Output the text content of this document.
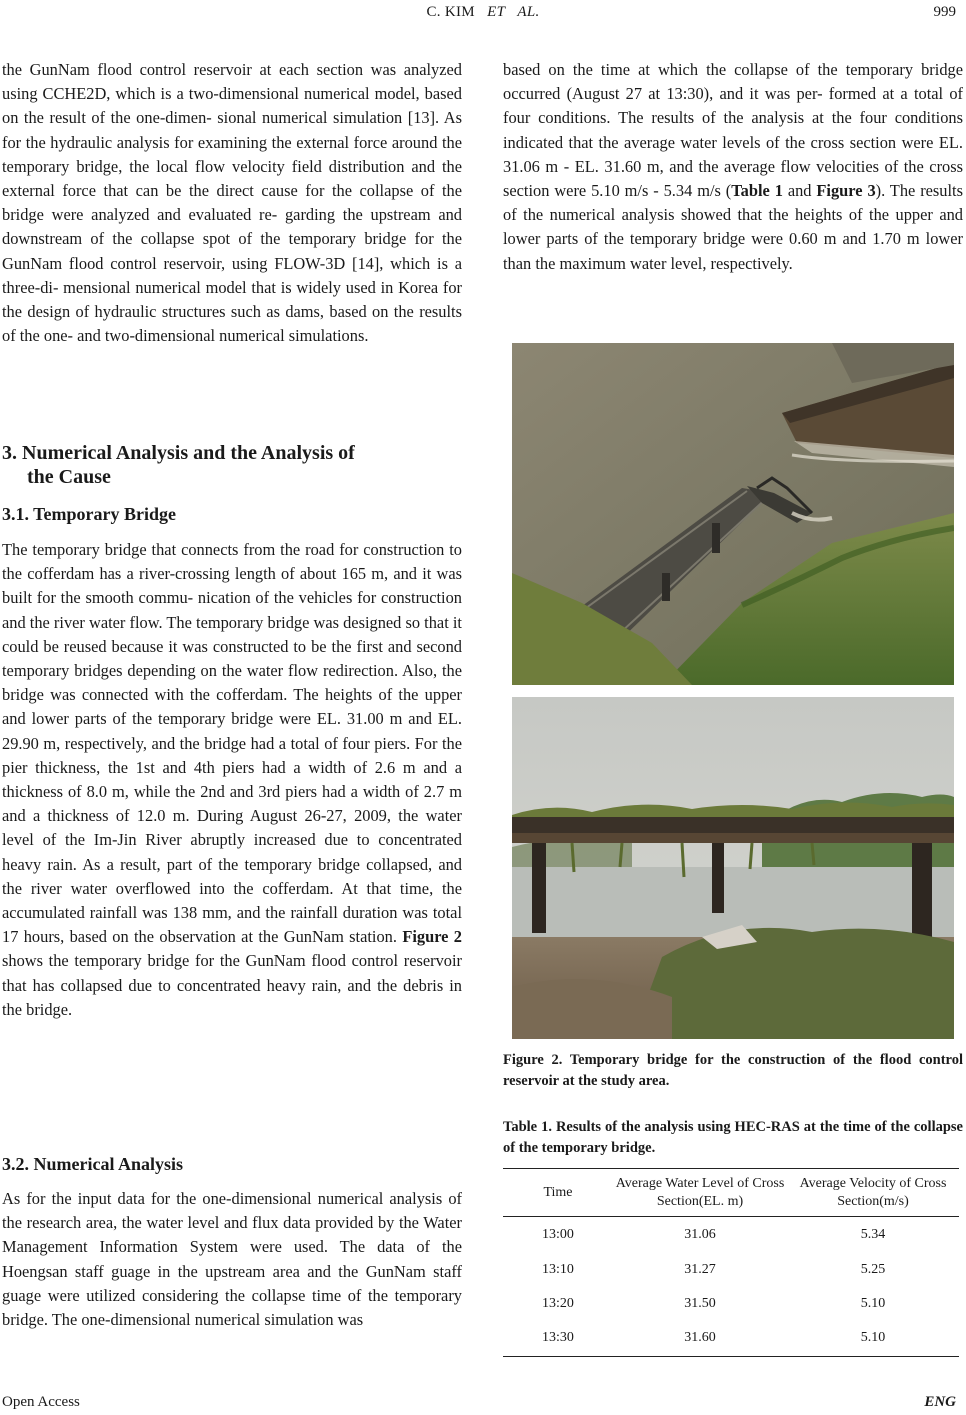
C. KIM ET AL.	999

the GunNam flood control reservoir at each section was analyzed using CCHE2D, which is a two-dimensional numerical model, based on the result of the one-dimen- sional numerical simulation [13]. As for the hydraulic analysis for examining the external force around the temporary bridge, the local flow velocity field distribution and the external force that can be the direct cause for the collapse of the bridge were analyzed and evaluated re- garding the upstream and downstream of the collapse spot of the temporary bridge for the GunNam flood control reservoir, using FLOW-3D [14], which is a three-di- mensional numerical model that is widely used in Korea for the design of hydraulic structures such as dams, based on the results of the one- and two-dimensional numerical simulations.

3. Numerical Analysis and the Analysis of
the Cause
3.1. Temporary Bridge

The temporary bridge that connects from the road for construction to the cofferdam has a river-crossing length of about 165 m, and it was built for the smooth commu- nication of the vehicles for construction and the river water flow. The temporary bridge was designed so that it could be reused because it was constructed to be the first and second temporary bridges depending on the water flow redirection. Also, the bridge was connected with the cofferdam. The heights of the upper and lower parts of the temporary bridge were EL. 31.00 m and EL. 29.90 m, respectively, and the bridge had a total of four piers. For the pier thickness, the 1st and 4th piers had a width of 2.6 m and a thickness of 8.0 m, while the 2nd and 3rd piers had a width of 2.7 m and a thickness of 12.0 m. During August 26-27, 2009, the water level of the Im-Jin River abruptly increased due to concentrated heavy rain. As a result, part of the temporary bridge collapsed, and the river water overflowed into the cofferdam. At that time, the accumulated rainfall was 138 mm, and the rainfall duration was total 17 hours, based on the observation at the GunNam station. Figure 2 shows the temporary bridge for the GunNam flood control reservoir that has collapsed due to concentrated heavy rain, and the debris in the bridge.

3.2. Numerical Analysis

As for the input data for the one-dimensional numerical analysis of the research area, the water level and flux data provided by the Water Management Information System were used. The data of the Hoengsan staff guage in the upstream area and the GunNam staff guage were utilized considering the collapse time of the temporary bridge. The one-dimensional numerical simulation was

based on the time at which the collapse of the temporary bridge occurred (August 27 at 13:30), and it was per- formed at a total of four conditions. The results of the analysis at the four conditions indicated that the average water levels of the cross section were EL. 31.06 m - EL. 31.60 m, and the average flow velocities of the cross section were 5.10 m/s - 5.34 m/s (Table 1 and Figure 3). The results of the numerical analysis showed that the heights of the upper and lower parts of the temporary bridge were 0.60 m and 1.70 m lower than the maximum water level, respectively.

Figure 2. Temporary bridge for the construction of the flood control reservoir at the study area.
Table 1. Results of the analysis using HEC-RAS at the time of the collapse of the temporary bridge.
Time	Average Water Level of Cross Section(EL. m)	Average Velocity of Cross Section(m/s)
13:00	31.06	5.34
13:10	31.27	5.25
13:20	31.50	5.10
13:30	31.60	5.10
Open Access	ENG
